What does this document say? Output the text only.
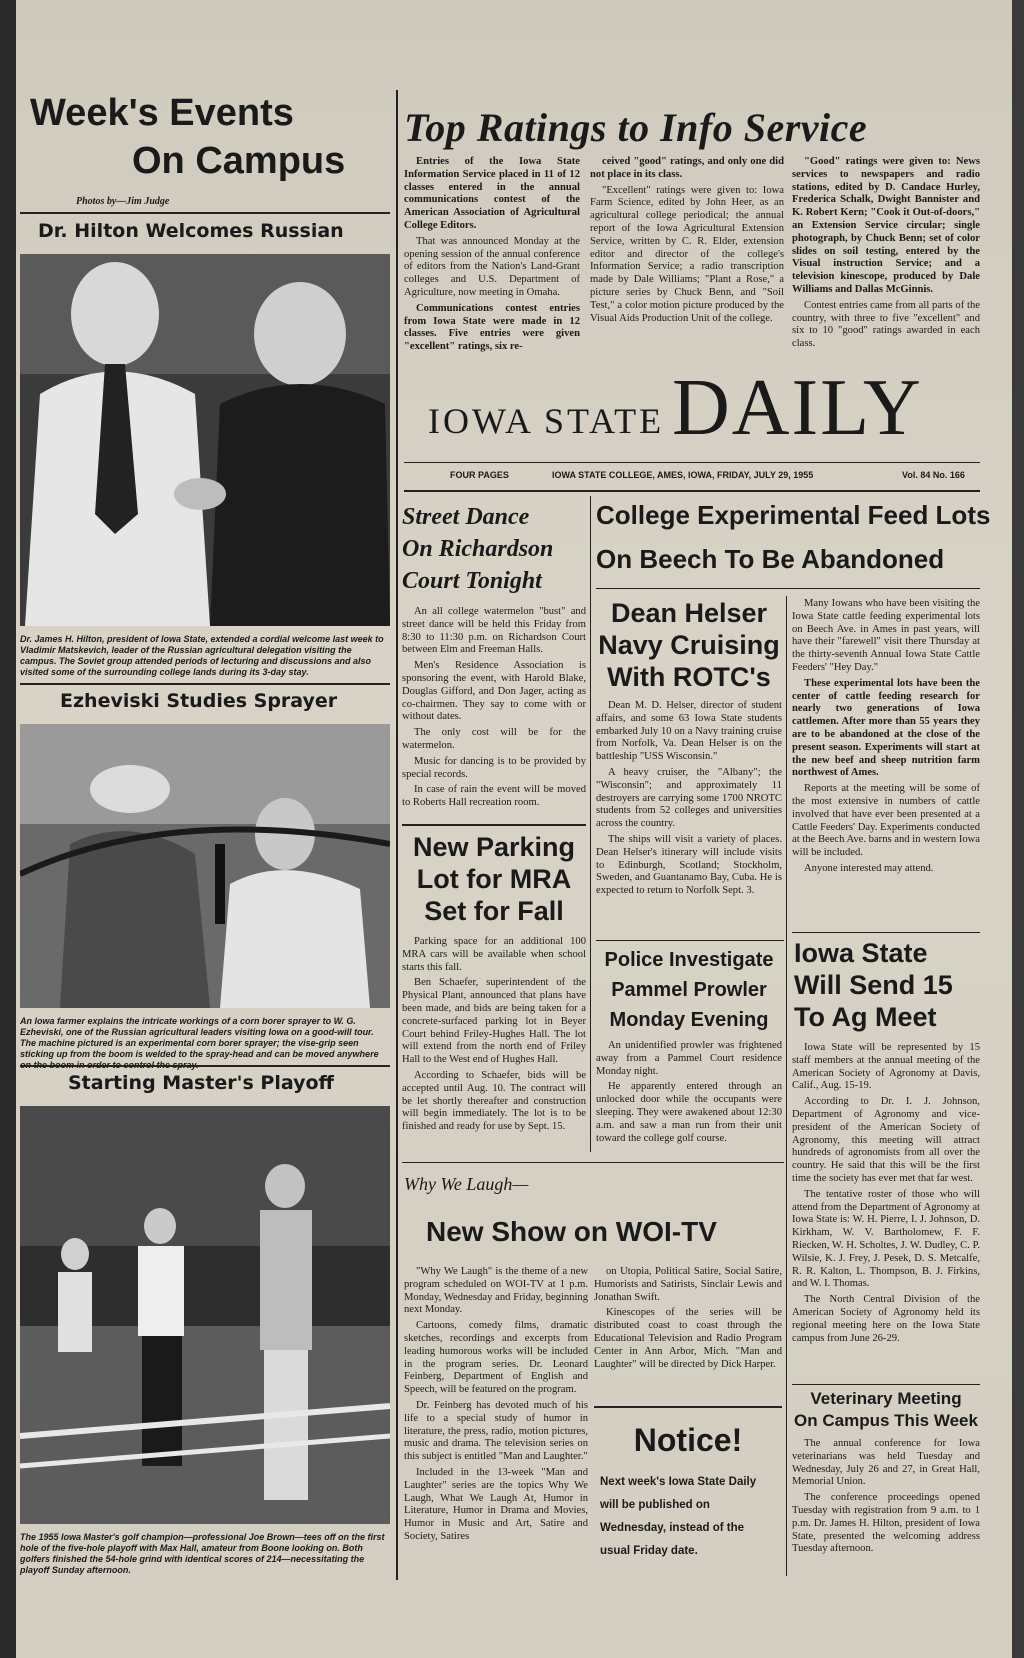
Week's Events
On Campus
Photos by—Jim Judge
Dr. Hilton Welcomes Russian

Dr. James H. Hilton, president of Iowa State, extended a cordial welcome last week to Vladimir Matskevich, leader of the Russian agricultural delegation visiting the campus. The Soviet group attended periods of lecturing and discussions and also visited some of the surrounding college lands during its 3-day stay.

Ezheviski Studies Sprayer

An Iowa farmer explains the intricate workings of a corn borer sprayer to W. G. Ezheviski, one of the Russian agricultural leaders visiting Iowa on a good-will tour. The machine pictured is an experimental corn borer sprayer; the vise-grip seen sticking up from the boom is welded to the spray-head and can be moved anywhere

Starting Master's Playoff

The 1955 Iowa Master's golf champion—professional Joe Brown—tees off on the first hole of the five-hole playoff with Max Hall, amateur from Boone looking on. Both golfers finished the 54-hole grind with identical scores of 214—necessitating the playoff Sunday afternoon.

Top Ratings to Info Service

Entries of the Iowa State Information Service placed in 11 of 12 classes entered in the annual communications contest of the American Association of Agricultural College Editors.

That was announced Monday at the opening session of the annual conference of editors from the Nation's Land-Grant colleges and U.S. Department of Agriculture, now meeting in Omaha.

Communications contest entries from Iowa State were made in 12 classes. Five entries were given "excellent" ratings, six re-

ceived "good" ratings, and only one did not place in its class.

"Excellent" ratings were given to: Iowa Farm Science, edited by John Heer, as an agricultural college periodical; the annual report of the Iowa Agricultural Extension Service, written by C. R. Elder, extension editor and director of the college's Information Service; a radio transcription made by Dale Williams; "Plant a Rose," a picture series by Chuck Benn, and "Soil Test," a color motion picture produced by the Visual Aids Production Unit of the college.

"Good" ratings were given to: News services to newspapers and radio stations, edited by D. Candace Hurley, Frederica Schalk, Dwight Bannister and K. Robert Kern; "Cook it Out-of-doors," an Extension Service circular; single photograph, by Chuck Benn; set of color slides on soil testing, entered by the Visual instruction Service; and a television kinescope, produced by Dale Williams and Dallas McGinnis.

Contest entries came from all parts of the country, with three to five "excellent" and six to 10 "good" ratings awarded in each class.

IOWA STATE DAILY
FOUR PAGES	IOWA STATE COLLEGE, AMES, IOWA, FRIDAY, JULY 29, 1955	Vol. 84 No. 166
Street Dance
On Richardson
Court Tonight

An all college watermelon "bust" and street dance will be held this Friday from 8:30 to 11:30 p.m. on Richardson Court between Elm and Freeman Halls.

Men's Residence Association is sponsoring the event, with Harold Blake, Douglas Gifford, and Don Jager, acting as co-chairmen. They say to come with or without dates.

The only cost will be for the watermelon.

Music for dancing is to be provided by special records.

In case of rain the event will be moved to Roberts Hall recreation room.

New Parking
Lot for MRA
Set for Fall

Parking space for an additional 100 MRA cars will be available when school starts this fall.

Ben Schaefer, superintendent of the Physical Plant, announced that plans have been made, and bids are being taken for a concrete-surfaced parking lot in Beyer Court behind Friley-Hughes Hall. The lot will extend from the north end of Friley Hall to the West end of Hughes Hall.

According to Schaefer, bids will be accepted until Aug. 10. The contract will be let shortly thereafter and construction will begin immediately. The lot is to be finished and ready for use by Sept. 15.

College Experimental Feed Lots
On Beech To Be Abandoned
Dean Helser
Navy Cruising
With ROTC's

Dean M. D. Helser, director of student affairs, and some 63 Iowa State students embarked July 10 on a Navy training cruise from Norfolk, Va. Dean Helser is on the battleship "USS Wisconsin."

A heavy cruiser, the "Albany"; the "Wisconsin"; and approximately 11 destroyers are carrying some 1700 NROTC students from 52 colleges and universities across the country.

The ships will visit a variety of places. Dean Helser's itinerary will include visits to Edinburgh, Scotland; Stockholm, Sweden, and Guantanamo Bay, Cuba. He is expected to return to Norfolk Sept. 3.

Police Investigate
Pammel Prowler
Monday Evening

An unidentified prowler was frightened away from a Pammel Court residence Monday night.

He apparently entered through an unlocked door while the occupants were sleeping. They were awakened about 12:30 a.m. and saw a man run from their unit toward the college golf course.

Many Iowans who have been visiting the Iowa State cattle feeding experimental lots on Beech Ave. in Ames in past years, will have their "farewell" visit there Thursday at the thirty-seventh Annual Iowa State Cattle Feeders' "Hey Day."

These experimental lots have been the center of cattle feeding research for nearly two generations of Iowa cattlemen. After more than 55 years they are to be abandoned at the close of the present season. Experiments will start at the new beef and sheep nutrition farm northwest of Ames.

Reports at the meeting will be some of the most extensive in numbers of cattle involved that have ever been presented at a Cattle Feeders' Day. Experiments conducted at the Beech Ave. barns and in western Iowa will be included.

Anyone interested may attend.

Iowa State
Will Send 15
To Ag Meet

Iowa State will be represented by 15 staff members at the annual meeting of the American Society of Agronomy at Davis, Calif., Aug. 15-19.

According to Dr. I. J. Johnson, Department of Agronomy and vice-president of the American Society of Agronomy, this meeting will attract hundreds of agronomists from all over the country. He said that this will be the first time the society has ever met that far west.

The tentative roster of those who will attend from the Department of Agronomy at Iowa State is: W. H. Pierre, I. J. Johnson, D. Kirkham, W. V. Bartholomew, F. F. Riecken, W. H. Scholtes, J. W. Dudley, C. P. Wilsie, K. J. Frey, J. Pesek, D. S. Metcalfe, R. R. Kalton, L. Thompson, B. J. Firkins, and W. I. Thomas.

The North Central Division of the American Society of Agronomy held its regional meeting here on the Iowa State campus from June 26-29.

Veterinary Meeting
On Campus This Week

The annual conference for Iowa veterinarians was held Tuesday and Wednesday, July 26 and 27, in Great Hall, Memorial Union.

The conference proceedings opened Tuesday with registration from 9 a.m. to 1 p.m. Dr. James H. Hilton, president of Iowa State, presented the welcoming address Tuesday afternoon.

Why We Laugh—
New Show on WOI-TV

"Why We Laugh" is the theme of a new program scheduled on WOI-TV at 1 p.m. Monday, Wednesday and Friday, beginning next Monday.

Cartoons, comedy films, dramatic sketches, recordings and excerpts from leading humorous works will be included in the program series. Dr. Leonard Feinberg, Department of English and Speech, will be featured on the program.

Dr. Feinberg has devoted much of his life to a special study of humor in literature, the press, radio, motion pictures, music and drama. The television series on this subject is entitled "Man and Laughter."

Included in the 13-week "Man and Laughter" series are the topics Why We Laugh, What We Laugh At, Humor in Literature, Humor in Drama and Movies, Humor in Music and Art, Satire and Society, Satires

on Utopia, Political Satire, Social Satire, Humorists and Satirists, Sinclair Lewis and Jonathan Swift.

Kinescopes of the series will be distributed coast to coast through the Educational Television and Radio Program Center in Ann Arbor, Mich. "Man and Laughter" will be directed by Dick Harper.

Notice!

Next week's Iowa State Daily will be published on Wednesday, instead of the usual Friday date.
